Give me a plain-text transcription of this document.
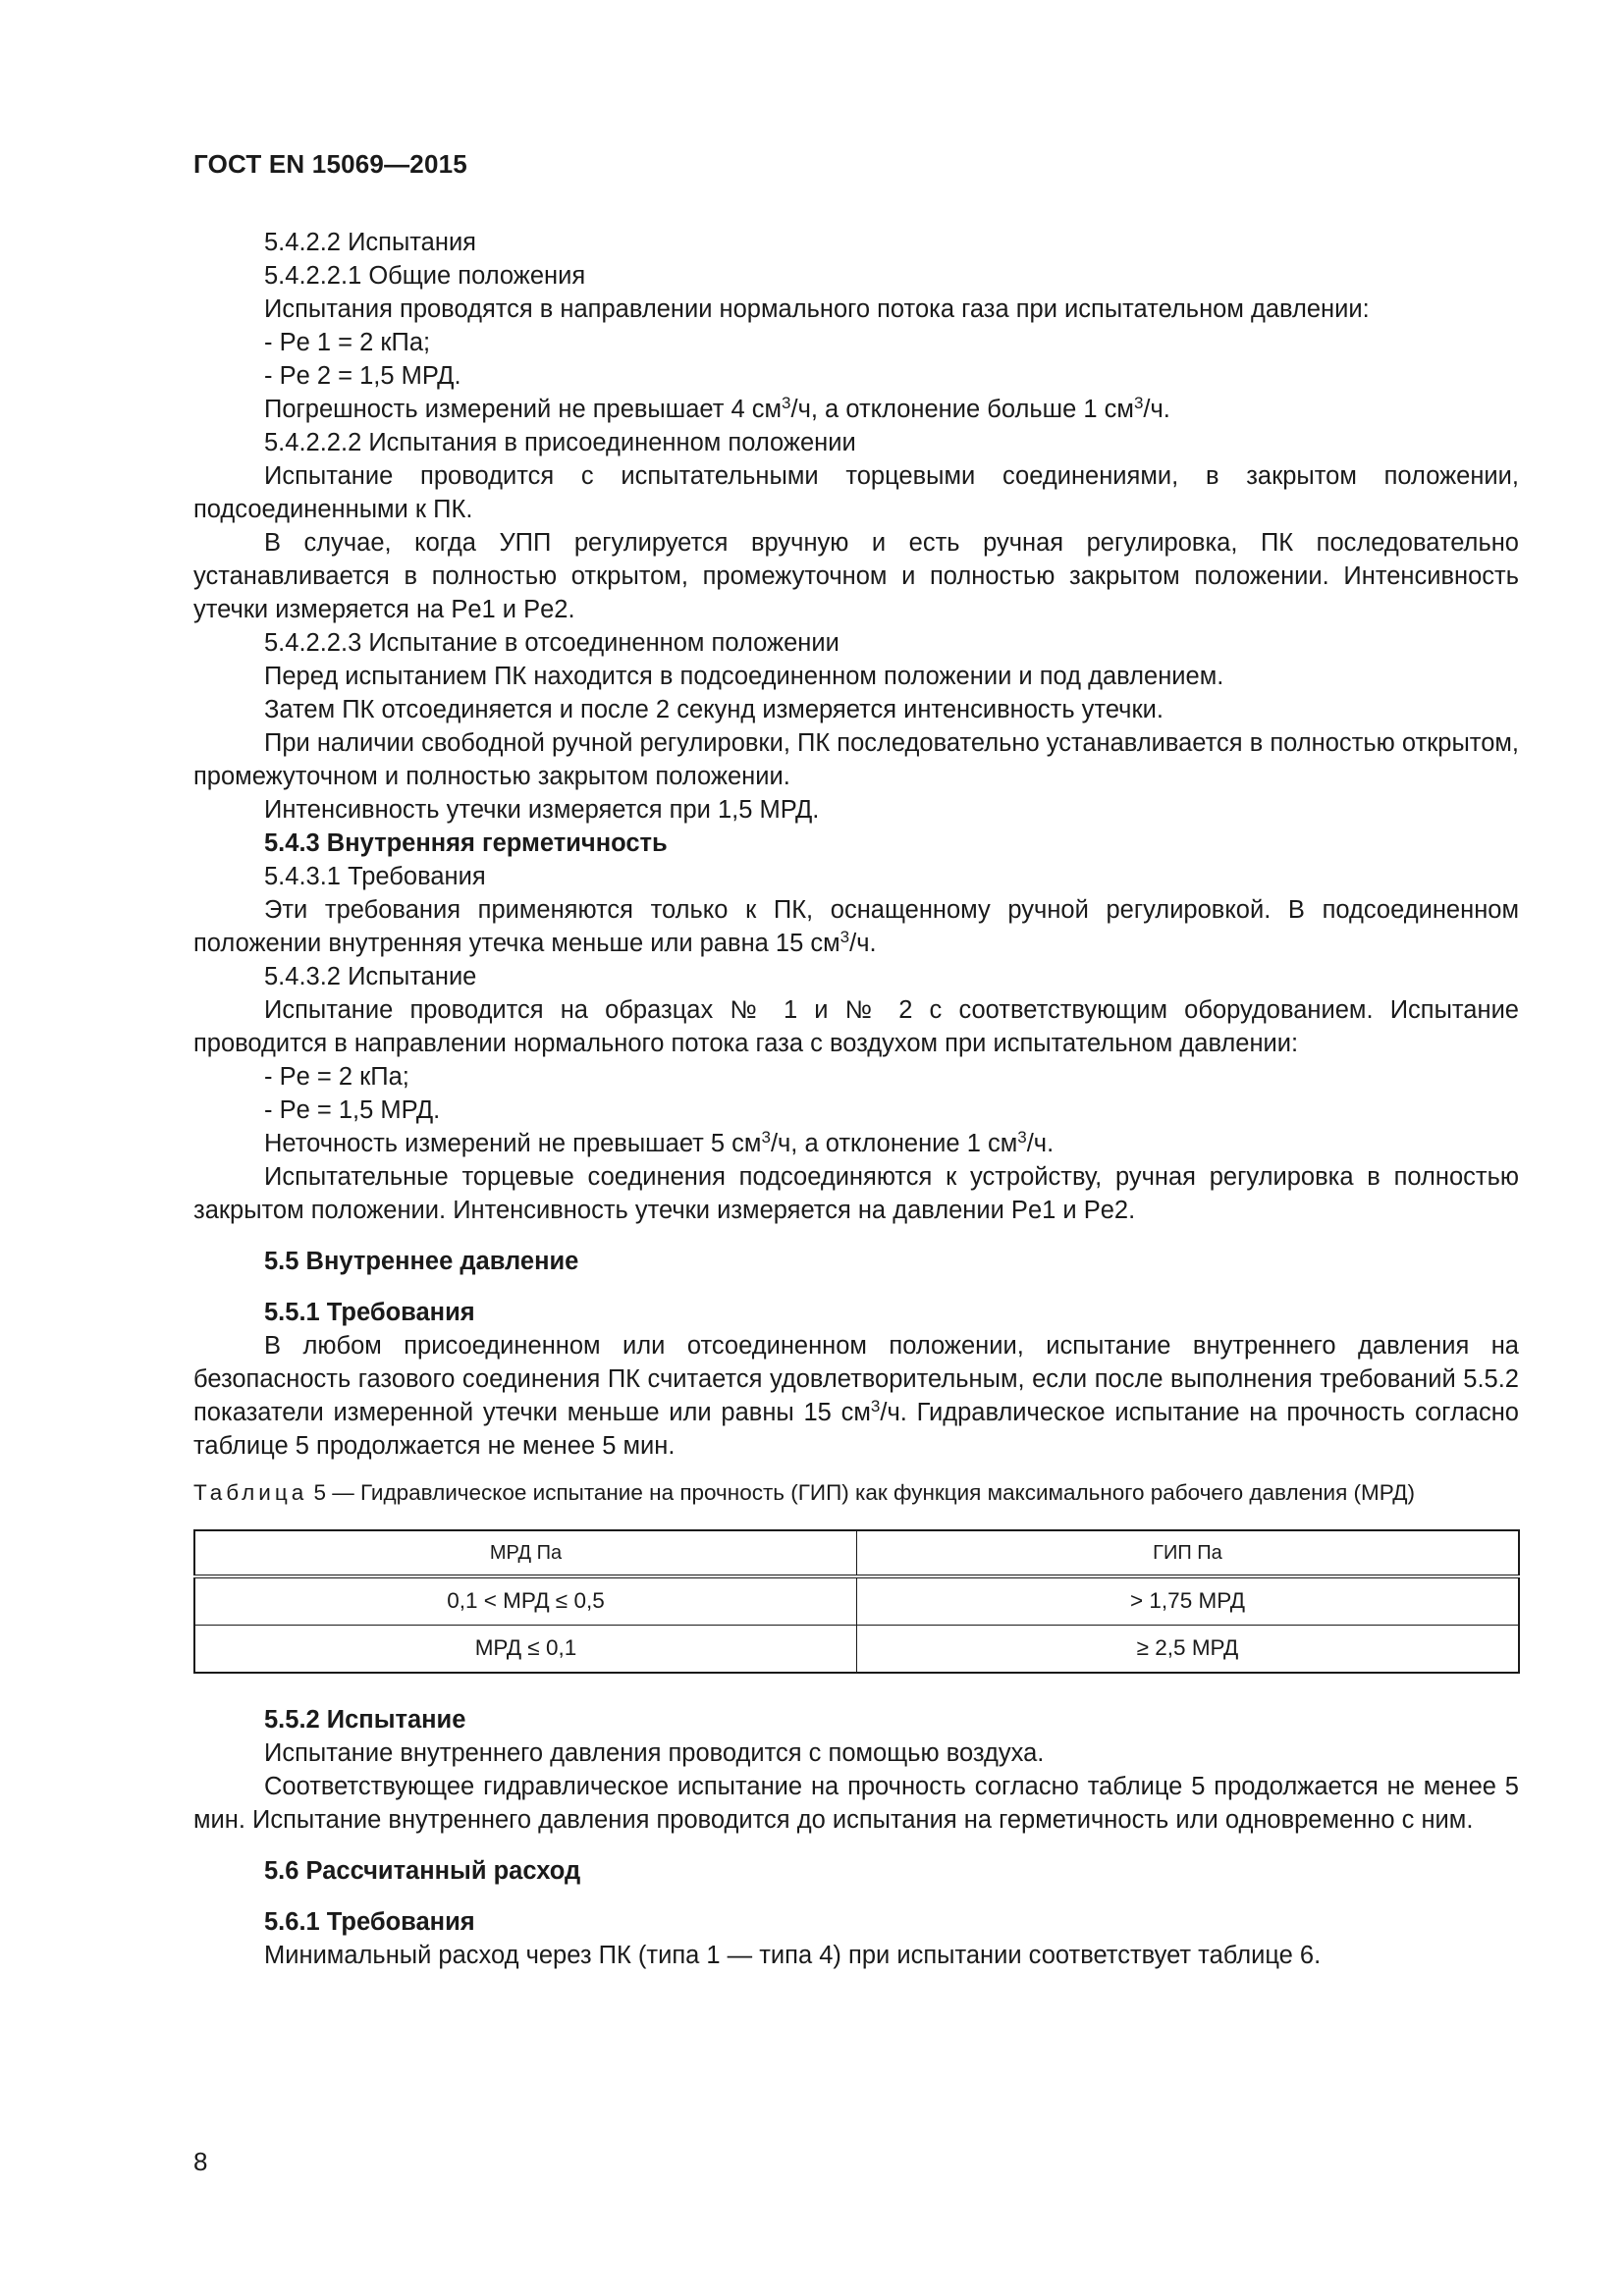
ГОСТ EN 15069—2015

5.4.2.2 Испытания

5.4.2.2.1 Общие положения

Испытания проводятся в направлении нормального потока газа при испытательном давлении:

- Pe 1 = 2 кПа;

- Pe 2 = 1,5 МРД.

Погрешность измерений не превышает 4 $см^3/ч$, а отклонение больше 1 $см^3/ч$.

5.4.2.2.2 Испытания в присоединенном положении

Испытание проводится с испытательными торцевыми соединениями, в закрытом положении, подсоединенными к ПК.

В случае, когда УПП регулируется вручную и есть ручная регулировка, ПК последовательно устанавливается в полностью открытом, промежуточном и полностью закрытом положении. Интенсивность утечки измеряется на Pe1 и Pe2.

5.4.2.2.3 Испытание в отсоединенном положении

Перед испытанием ПК находится в подсоединенном положении и под давлением.

Затем ПК отсоединяется и после 2 секунд измеряется интенсивность утечки.

При наличии свободной ручной регулировки, ПК последовательно устанавливается в полностью открытом, промежуточном и полностью закрытом положении.

Интенсивность утечки измеряется при 1,5 МРД.

5.4.3 Внутренняя герметичность

5.4.3.1 Требования

Эти требования применяются только к ПК, оснащенному ручной регулировкой. В подсоединенном положении внутренняя утечка меньше или равна 15 $см^3/ч$.

5.4.3.2 Испытание

Испытание проводится на образцах № 1 и № 2 с соответствующим оборудованием. Испытание проводится в направлении нормального потока газа с воздухом при испытательном давлении:

- Pe = 2 кПа;

- Pe = 1,5 МРД.

Неточность измерений не превышает 5 $см^3/ч$, а отклонение 1 $см^3/ч$.

Испытательные торцевые соединения подсоединяются к устройству, ручная регулировка в полностью закрытом положении. Интенсивность утечки измеряется на давлении Pe1 и Pe2.

5.5 Внутреннее давление

5.5.1 Требования

В любом присоединенном или отсоединенном положении, испытание внутреннего давления на безопасность газового соединения ПК считается удовлетворительным, если после выполнения требований 5.5.2 показатели измеренной утечки меньше или равны 15 $см^3/ч$. Гидравлическое испытание на прочность согласно таблице 5 продолжается не менее 5 мин.

Таблица 5 — Гидравлическое испытание на прочность (ГИП) как функция максимального рабочего давления (МРД)

МРД Па	ГИП Па
0,1 < МРД ≤ 0,5	> 1,75 МРД
МРД ≤ 0,1	≥ 2,5 МРД

5.5.2 Испытание

Испытание внутреннего давления проводится с помощью воздуха.

Соответствующее гидравлическое испытание на прочность согласно таблице 5 продолжается не менее 5 мин. Испытание внутреннего давления проводится до испытания на герметичность или одновременно с ним.

5.6 Рассчитанный расход

5.6.1 Требования

Минимальный расход через ПК (типа 1 — типа 4) при испытании соответствует таблице 6.

8
